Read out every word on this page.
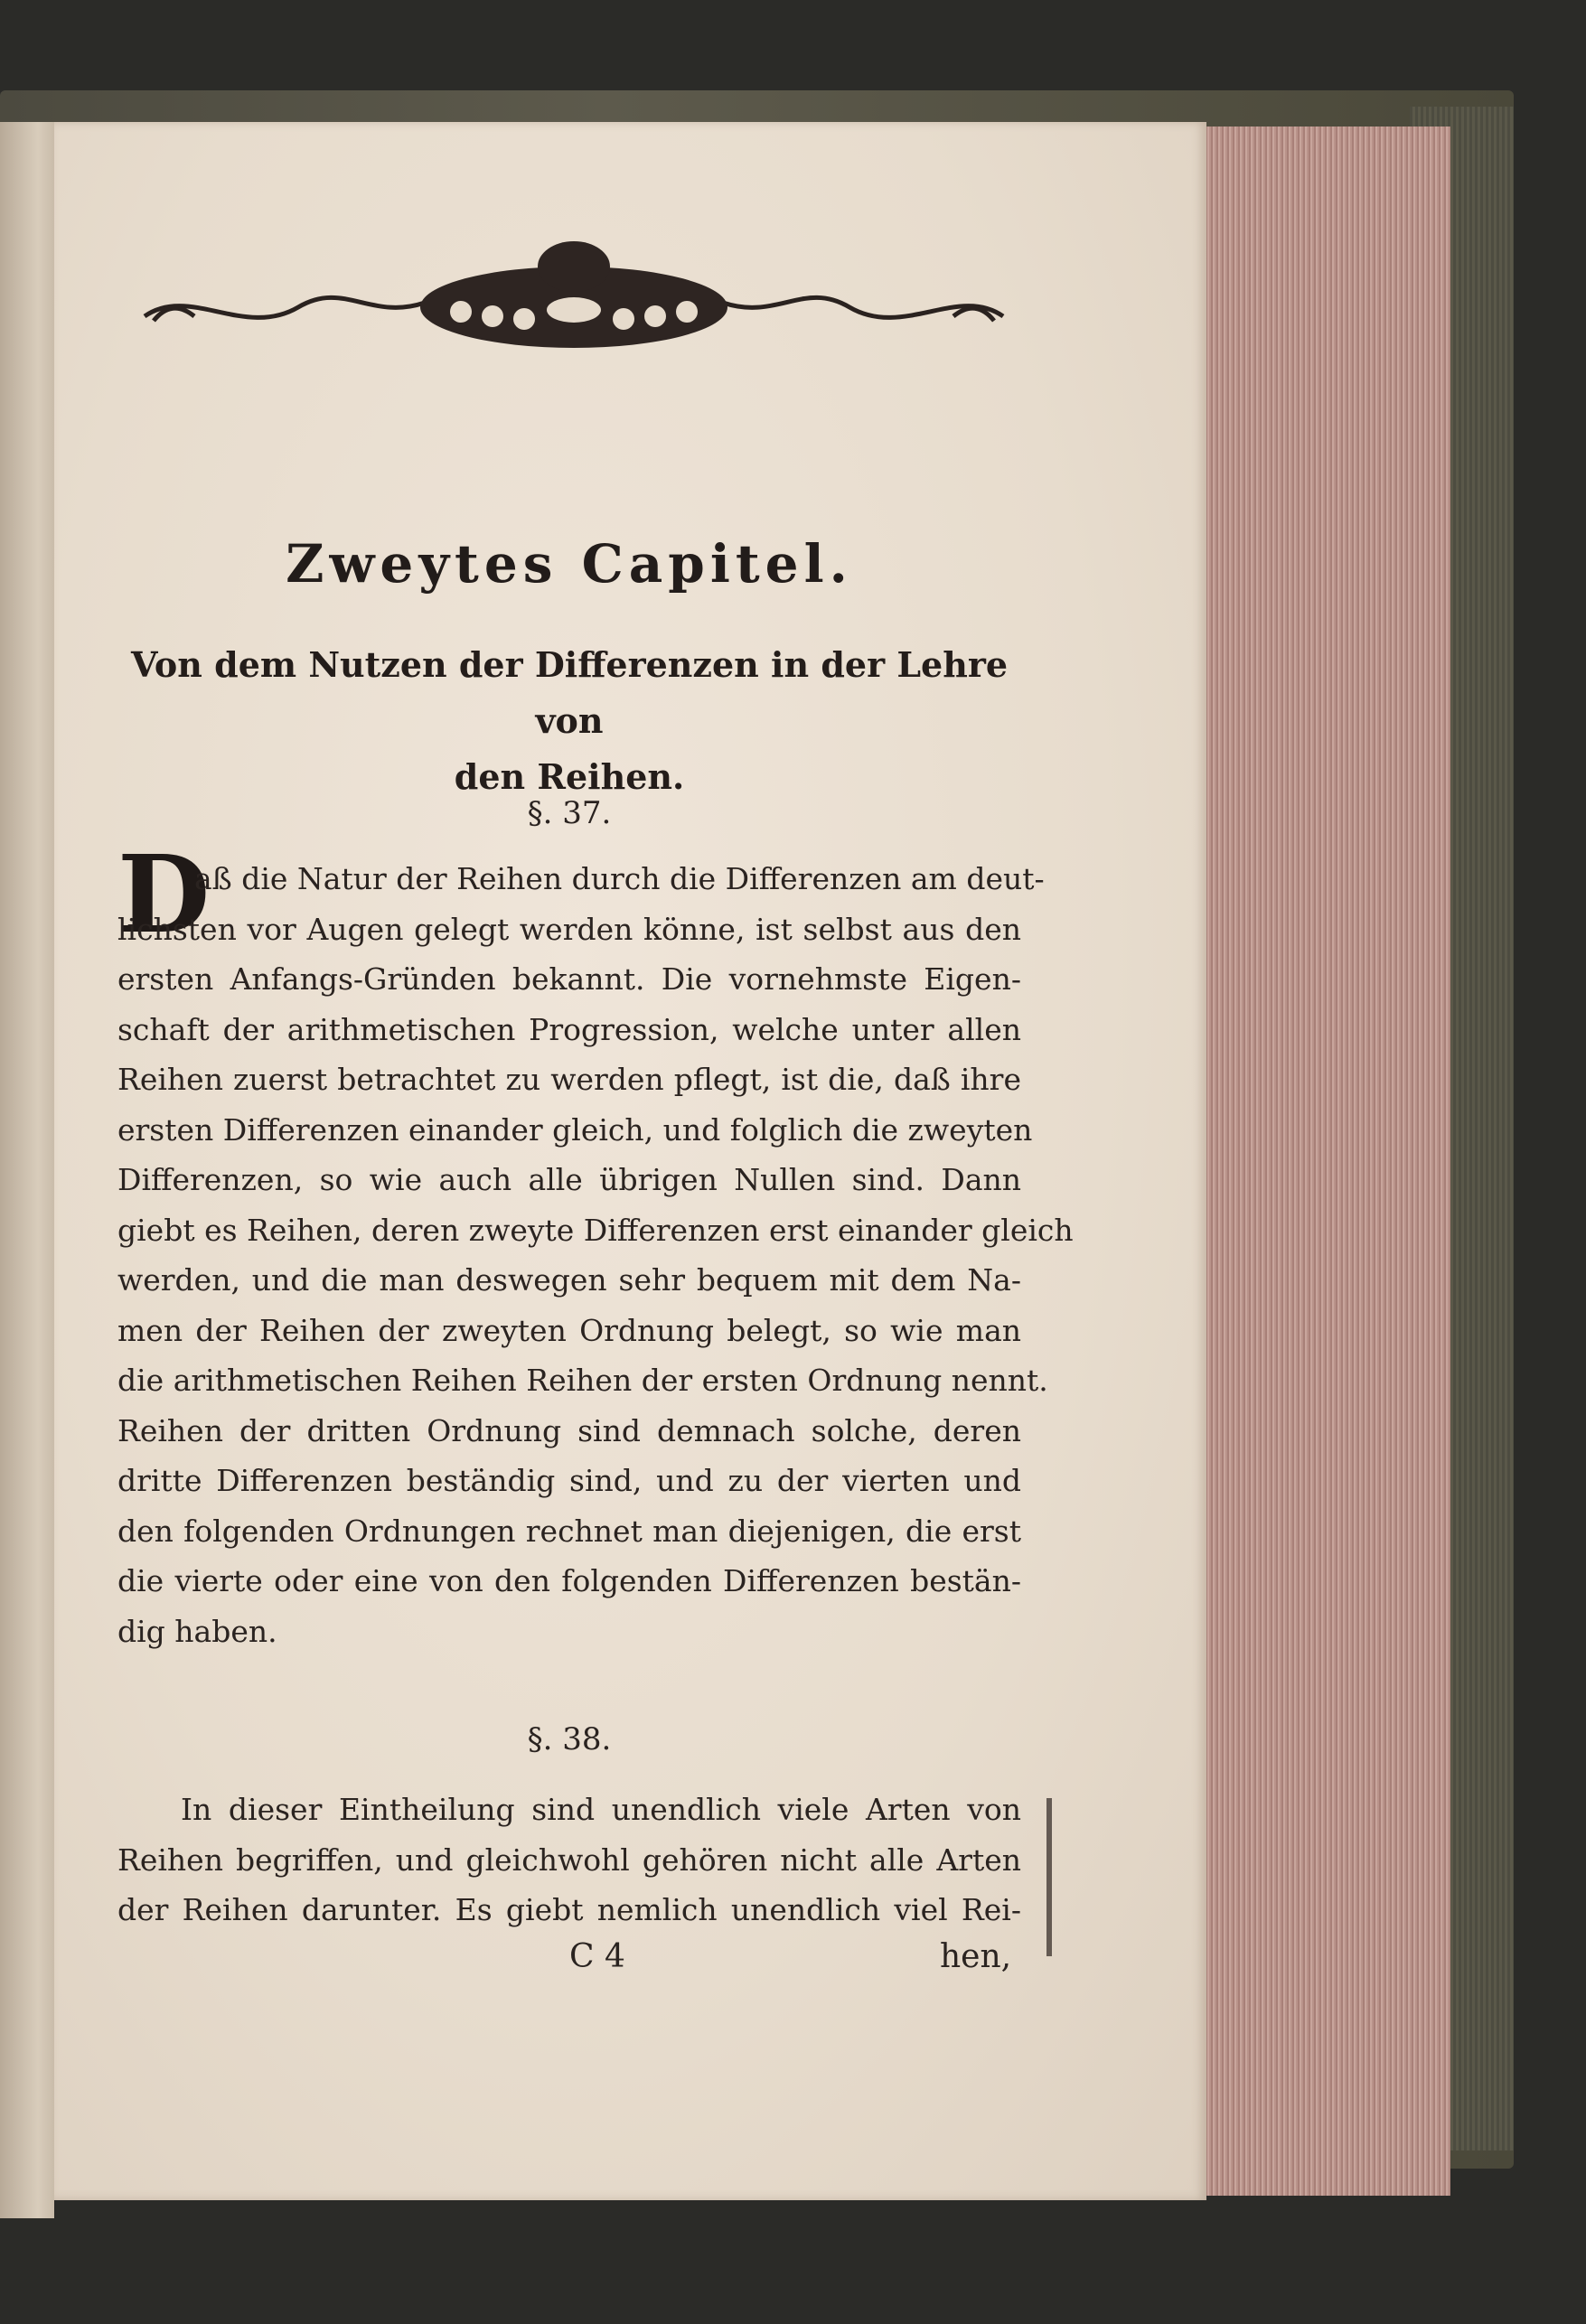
Zweytes Capitel.
Von dem Nutzen der Differenzen in der Lehre von
den Reihen.
§. 37.
D
aß die Natur der Reihen durch die Differenzen am deut-
lichsten vor Augen gelegt werden könne, ist selbst aus den
ersten Anfangs-Gründen bekannt. Die vornehmste Eigen-
schaft der arithmetischen Progression, welche unter allen
Reihen zuerst betrachtet zu werden pflegt, ist die, daß ihre
ersten Differenzen einander gleich, und folglich die zweyten
Differenzen, so wie auch alle übrigen Nullen sind. Dann
giebt es Reihen, deren zweyte Differenzen erst einander gleich
werden, und die man deswegen sehr bequem mit dem Na-
men der Reihen der zweyten Ordnung belegt, so wie man
die arithmetischen Reihen Reihen der ersten Ordnung nennt.
Reihen der dritten Ordnung sind demnach solche, deren
dritte Differenzen beständig sind, und zu der vierten und
den folgenden Ordnungen rechnet man diejenigen, die erst
die vierte oder eine von den folgenden Differenzen bestän-
dig haben.
§. 38.
In dieser Eintheilung sind unendlich viele Arten von
Reihen begriffen, und gleichwohl gehören nicht alle Arten
der Reihen darunter. Es giebt nemlich unendlich viel Rei-
C 4	hen,
